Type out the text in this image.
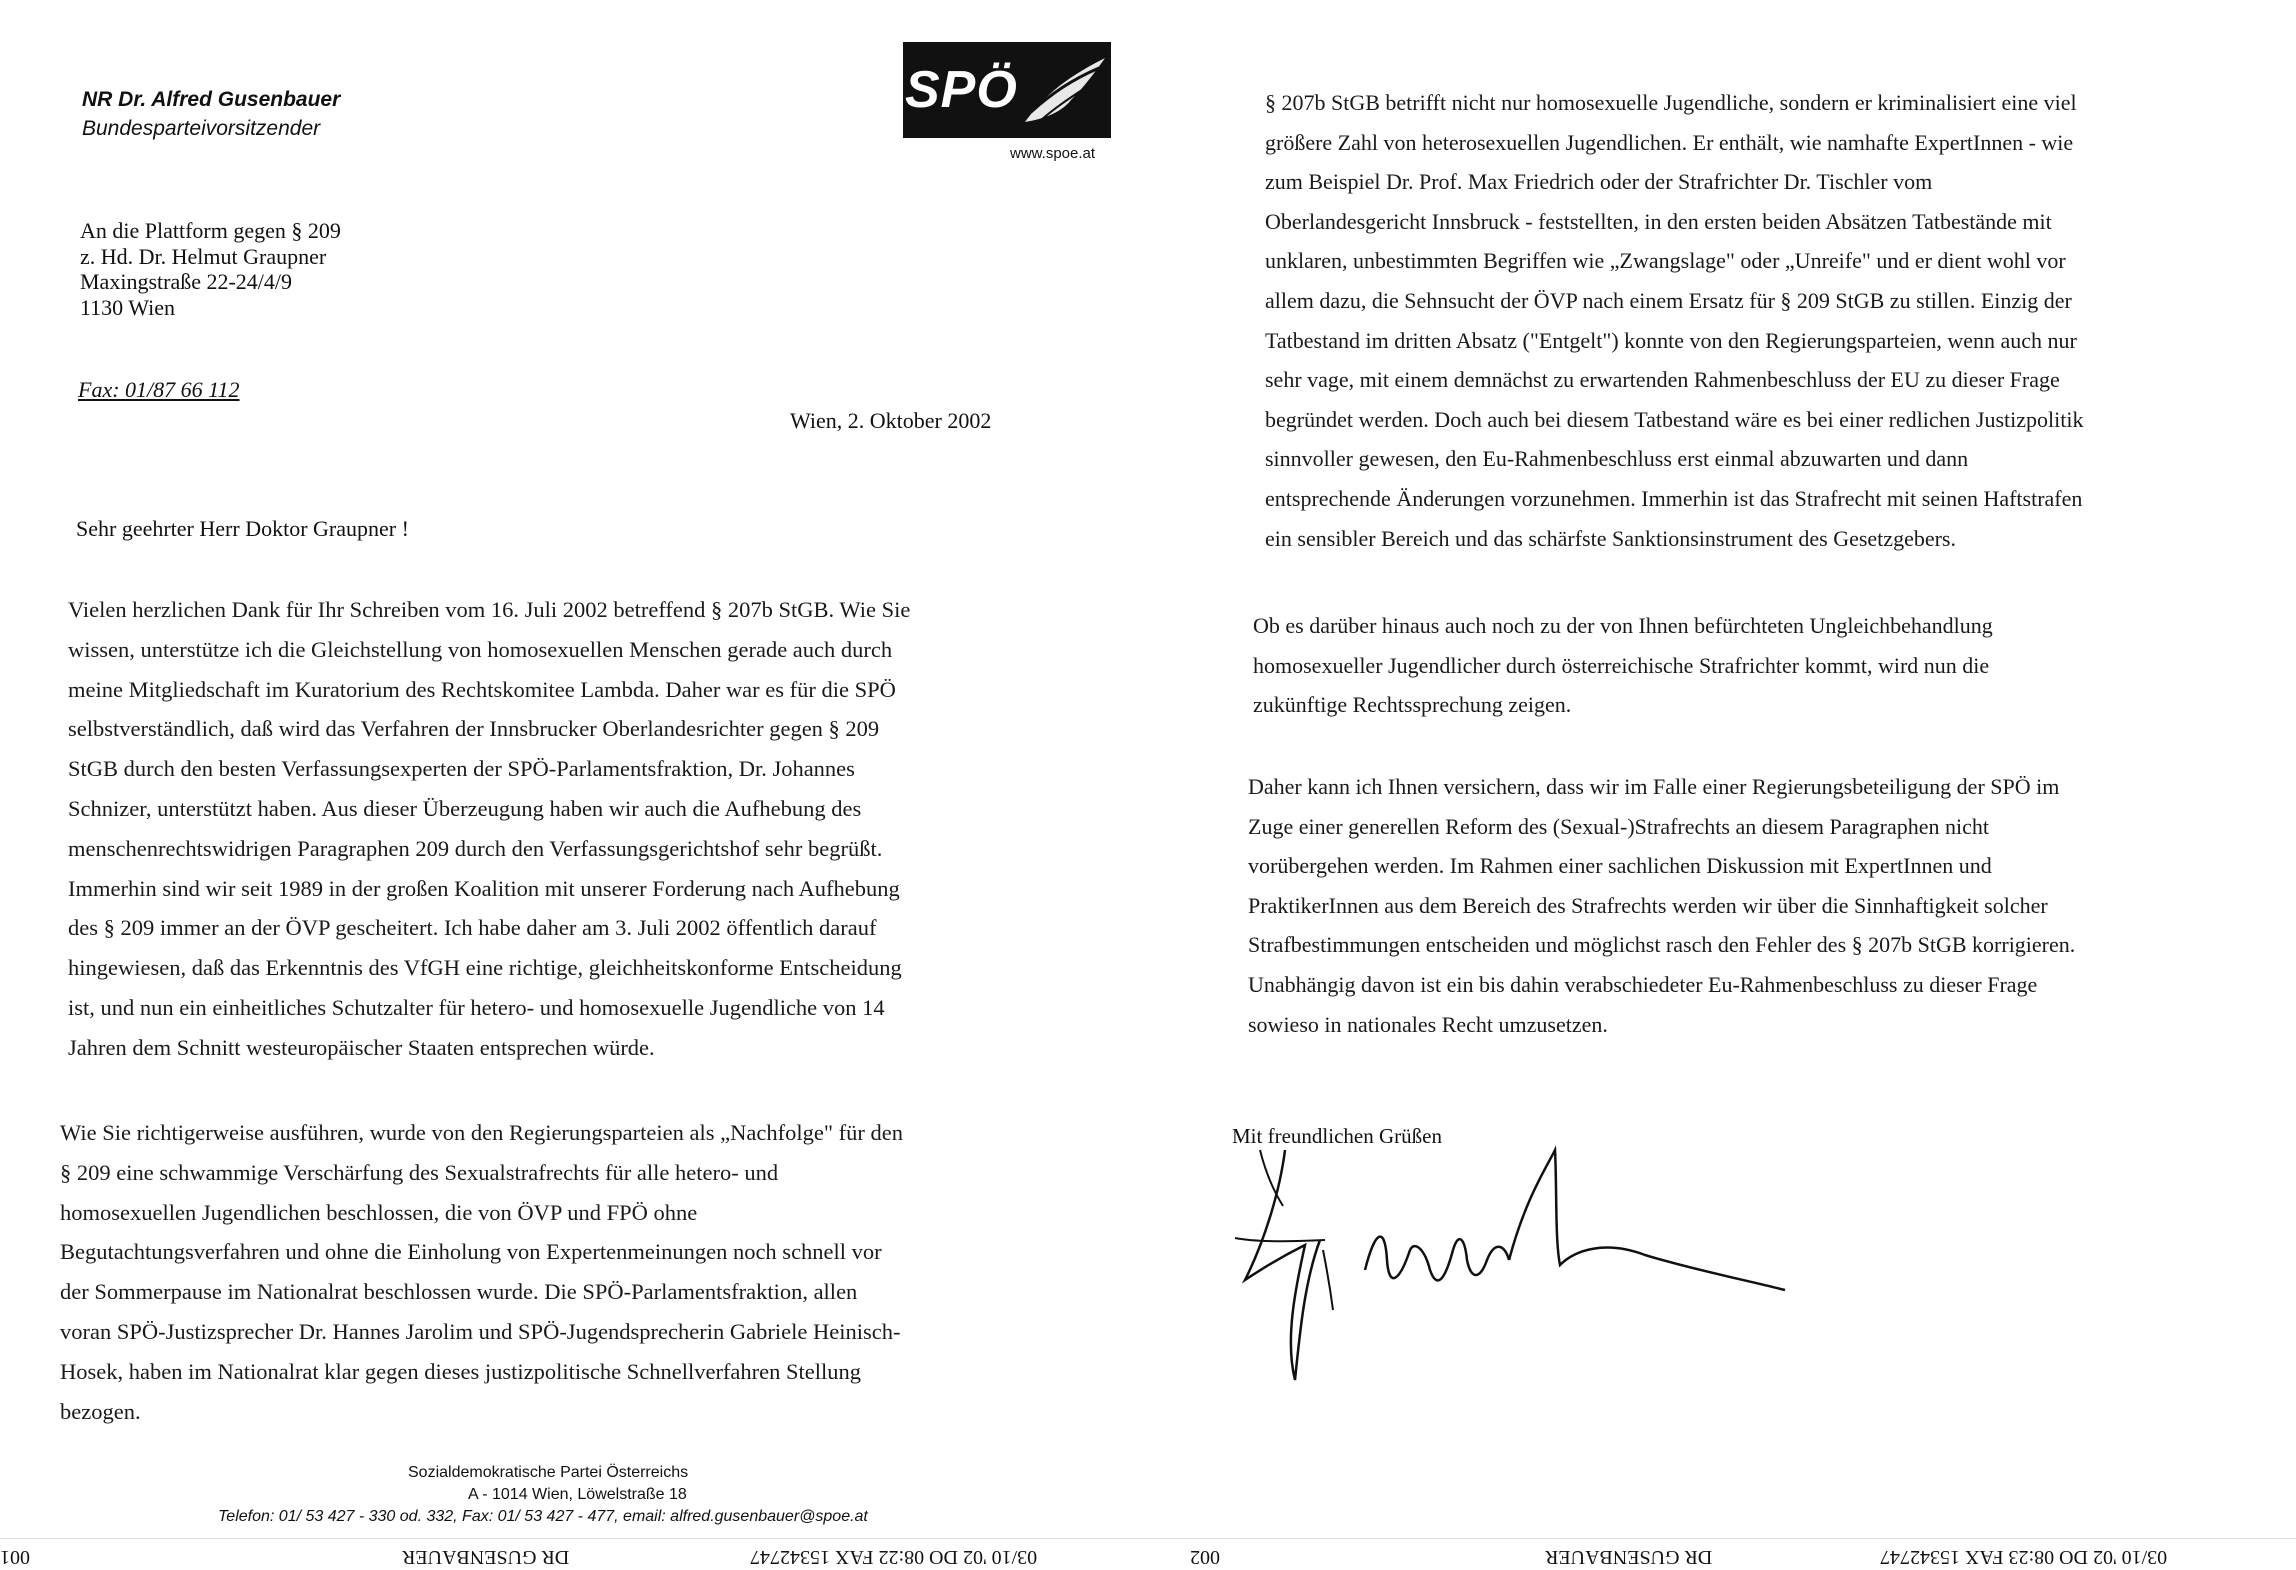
NR Dr. Alfred Gusenbauer
Bundesparteivorsitzender
SPÖ
www.spoe.at
An die Plattform gegen § 209
z. Hd. Dr. Helmut Graupner
Maxingstraße 22-24/4/9
1130 Wien
Fax: 01/87 66 112
Wien, 2. Oktober 2002
Sehr geehrter Herr Doktor Graupner !
Vielen herzlichen Dank für Ihr Schreiben vom 16. Juli 2002 betreffend § 207b StGB. Wie Sie
wissen, unterstütze ich die Gleichstellung von homosexuellen Menschen gerade auch durch
meine Mitgliedschaft im Kuratorium des Rechtskomitee Lambda. Daher war es für die SPÖ
selbstverständlich, daß wird das Verfahren der Innsbrucker Oberlandesrichter gegen § 209
StGB durch den besten Verfassungsexperten der SPÖ-Parlamentsfraktion, Dr. Johannes
Schnizer, unterstützt haben. Aus dieser Überzeugung haben wir auch die Aufhebung des
menschenrechtswidrigen Paragraphen 209 durch den Verfassungsgerichtshof sehr begrüßt.
Immerhin sind wir seit 1989 in der großen Koalition mit unserer Forderung nach Aufhebung
des § 209 immer an der ÖVP gescheitert. Ich habe daher am 3. Juli 2002 öffentlich darauf
hingewiesen, daß das Erkenntnis des VfGH eine richtige, gleichheitskonforme Entscheidung
ist, und nun ein einheitliches Schutzalter für hetero- und homosexuelle Jugendliche von 14
Jahren dem Schnitt westeuropäischer Staaten entsprechen würde.
Wie Sie richtigerweise ausführen, wurde von den Regierungsparteien als „Nachfolge" für den
§ 209 eine schwammige Verschärfung des Sexualstrafrechts für alle hetero- und
homosexuellen Jugendlichen beschlossen, die von ÖVP und FPÖ ohne
Begutachtungsverfahren und ohne die Einholung von Expertenmeinungen noch schnell vor
der Sommerpause im Nationalrat beschlossen wurde. Die SPÖ-Parlamentsfraktion, allen
voran SPÖ-Justizsprecher Dr. Hannes Jarolim und SPÖ-Jugendsprecherin Gabriele Heinisch-
Hosek, haben im Nationalrat klar gegen dieses justizpolitische Schnellverfahren Stellung
bezogen.
§ 207b StGB betrifft nicht nur homosexuelle Jugendliche, sondern er kriminalisiert eine viel
größere Zahl von heterosexuellen Jugendlichen. Er enthält, wie namhafte ExpertInnen - wie
zum Beispiel Dr. Prof. Max Friedrich oder der Strafrichter Dr. Tischler vom
Oberlandesgericht Innsbruck - feststellten, in den ersten beiden Absätzen Tatbestände mit
unklaren, unbestimmten Begriffen wie „Zwangslage" oder „Unreife" und er dient wohl vor
allem dazu, die Sehnsucht der ÖVP nach einem Ersatz für § 209 StGB zu stillen. Einzig der
Tatbestand im dritten Absatz ("Entgelt") konnte von den Regierungsparteien, wenn auch nur
sehr vage, mit einem demnächst zu erwartenden Rahmenbeschluss der EU zu dieser Frage
begründet werden. Doch auch bei diesem Tatbestand wäre es bei einer redlichen Justizpolitik
sinnvoller gewesen, den Eu-Rahmenbeschluss erst einmal abzuwarten und dann
entsprechende Änderungen vorzunehmen. Immerhin ist das Strafrecht mit seinen Haftstrafen
ein sensibler Bereich und das schärfste Sanktionsinstrument des Gesetzgebers.
Ob es darüber hinaus auch noch zu der von Ihnen befürchteten Ungleichbehandlung
homosexueller Jugendlicher durch österreichische Strafrichter kommt, wird nun die
zukünftige Rechtssprechung zeigen.
Daher kann ich Ihnen versichern, dass wir im Falle einer Regierungsbeteiligung der SPÖ im
Zuge einer generellen Reform des (Sexual-)Strafrechts an diesem Paragraphen nicht
vorübergehen werden. Im Rahmen einer sachlichen Diskussion mit ExpertInnen und
PraktikerInnen aus dem Bereich des Strafrechts werden wir über die Sinnhaftigkeit solcher
Strafbestimmungen entscheiden und möglichst rasch den Fehler des § 207b StGB korrigieren.
Unabhängig davon ist ein bis dahin verabschiedeter Eu-Rahmenbeschluss zu dieser Frage
sowieso in nationales Recht umzusetzen.
Mit freundlichen Grüßen
Sozialdemokratische Partei Österreichs
A - 1014 Wien, Löwelstraße 18
Telefon: 01/ 53 427 - 330 od. 332, Fax: 01/ 53 427 - 477, email: alfred.gusenbauer@spoe.at
001	DR GUSENBAUER	03/10 '02 DO 08:22 FAX 15342747	002	DR GUSENBAUER	03/10 '02 DO 08:23 FAX 15342747
